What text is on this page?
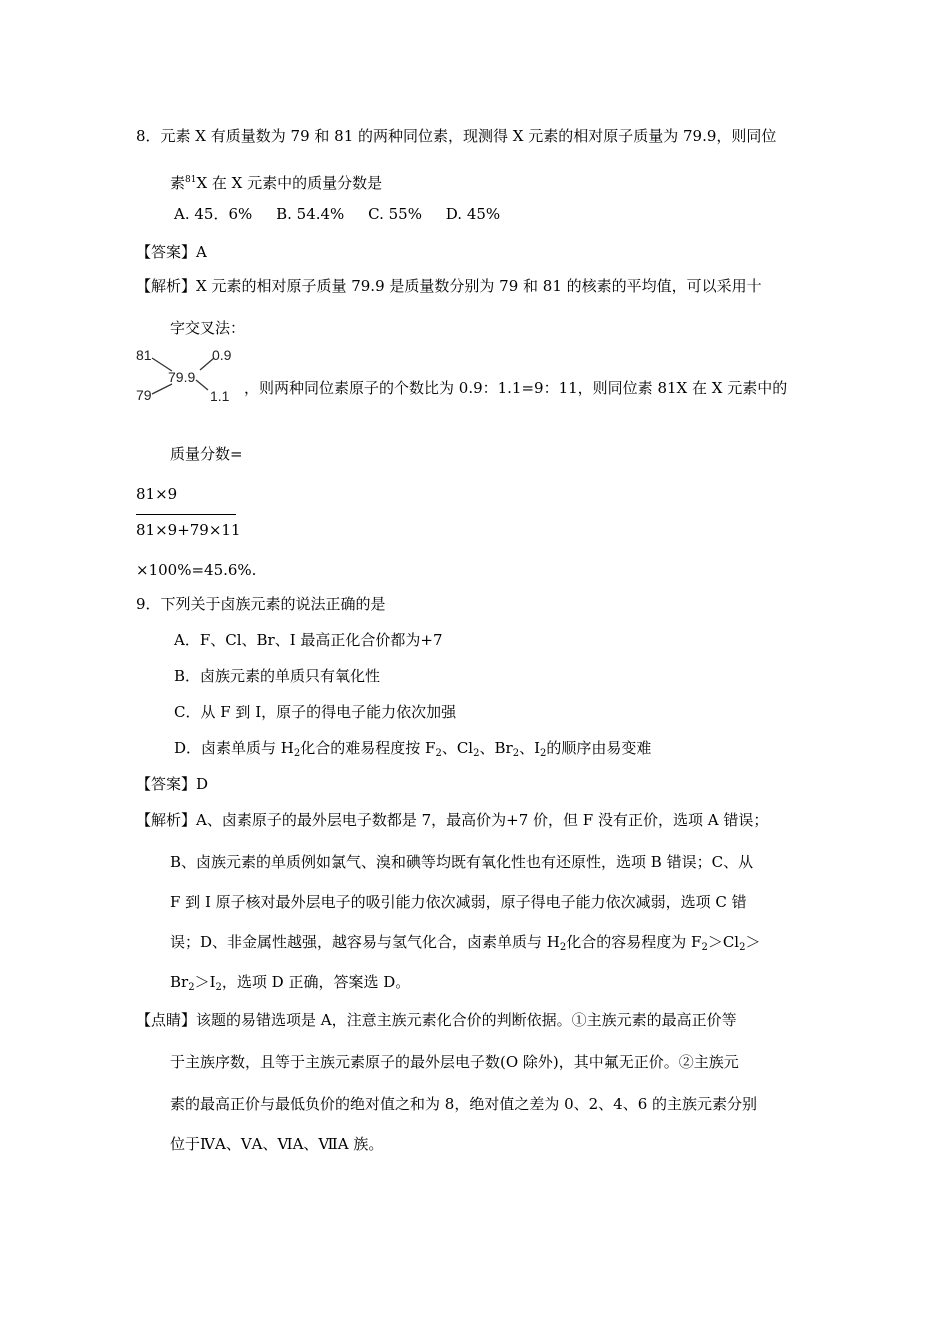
8．元素 X 有质量数为 79 和 81 的两种同位素，现测得 X 元素的相对原子质量为 79.9，则同位
素$^{81}$X 在 X 元素中的质量分数是
A. 45．6%     B. 54.4%     C. 55%     D. 45%
【答案】A
【解析】X 元素的相对原子质量 79.9 是质量数分别为 79 和 81 的核素的平均值，可以采用十
字交叉法：
81
79
79.9
0.9
1.1 ，则两种同位素原子的个数比为 0.9：1.1=9：11，则同位素 81X 在 X 元素中的
质量分数=
81×9
81×9+79×11
×100%=45.6%.
9．下列关于卤族元素的说法正确的是
A．F、Cl、Br、I 最高正化合价都为+7
B．卤族元素的单质只有氧化性
C．从 F 到 I，原子的得电子能力依次加强
D．卤素单质与 $H_2$化合的难易程度按 $F_2$、$Cl_2$、$Br_2$、$I_2$的顺序由易变难
【答案】D
【解析】A、卤素原子的最外层电子数都是 7，最高价为+7 价，但 F 没有正价，选项 A 错误；
B、卤族元素的单质例如氯气、溴和碘等均既有氧化性也有还原性，选项 B 错误；C、从
F 到 I 原子核对最外层电子的吸引能力依次减弱，原子得电子能力依次减弱，选项 C 错
误；D、非金属性越强，越容易与氢气化合，卤素单质与 $H_2$化合的容易程度为 $F_2>Cl_2>$
$Br_2>I_2$，选项 D 正确，答案选 D。
【点睛】该题的易错选项是 A，注意主族元素化合价的判断依据。①主族元素的最高正价等
于主族序数，且等于主族元素原子的最外层电子数(O 除外)，其中氟无正价。②主族元
素的最高正价与最低负价的绝对值之和为 8，绝对值之差为 0、2、4、6 的主族元素分别
位于ⅣA、ⅤA、ⅥA、ⅦA 族。
